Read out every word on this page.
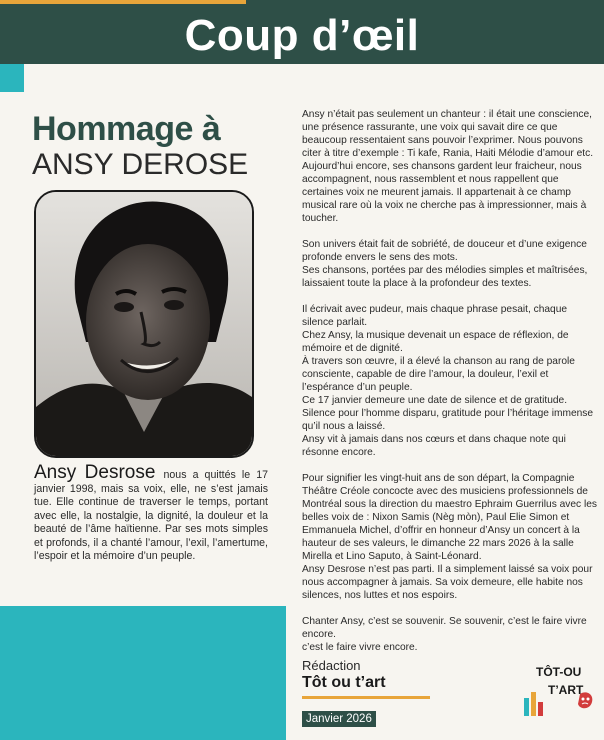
Coup d’œil
Hommage à
ANSY DEROSE
Ansy Desrose nous a quittés le 17 janvier 1998, mais sa voix, elle, ne s’est jamais tue. Elle continue de traverser le temps, portant avec elle, la nostalgie, la dignité, la douleur et la beauté de l’âme haïtienne. Par ses mots simples et profonds, il a chanté l’amour, l’exil, l’amertume, l’espoir et la mémoire d’un peuple.

Ansy n’était pas seulement un chanteur : il était une conscience, une présence rassurante, une voix qui savait dire ce que beaucoup ressentaient sans pouvoir l’exprimer. Nous pouvons citer à titre d’exemple : Ti kafe, Rania, Haiti Mélodie d’amour etc. Aujourd’hui encore, ses chansons gardent leur fraicheur, nous accompagnent, nous rassemblent et nous rappellent que certaines voix ne meurent jamais. Il appartenait à ce champ musical rare où la voix ne cherche pas à impressionner, mais à toucher.

Son univers était fait de sobriété, de douceur et d’une exigence profonde envers le sens des mots.
Ses chansons, portées par des mélodies simples et maîtrisées, laissaient toute la place à la profondeur des textes.

Il écrivait avec pudeur, mais chaque phrase pesait, chaque silence parlait.
Chez Ansy, la musique devenait un espace de réflexion, de mémoire et de dignité.
À travers son œuvre, il a élevé la chanson au rang de parole consciente, capable de dire l’amour, la douleur, l’exil et l’espérance d’un peuple.
Ce 17 janvier demeure une date de silence et de gratitude. Silence pour l’homme disparu, gratitude pour l’héritage immense qu’il nous a laissé.
Ansy vit à jamais dans nos cœurs et dans chaque note qui résonne encore.

Pour signifier les vingt-huit ans de son départ, la Compagnie Théâtre Créole concocte avec des musiciens professionnels de Montréal sous la direction du maestro Ephraim Guerrilus avec les belles voix de : Nixon Samis (Nèg mòn), Paul Elie Simon et Emmanuela Michel, d’offrir en honneur d’Ansy un concert à la hauteur de ses valeurs, le dimanche 22 mars 2026 à la salle Mirella et Lino Saputo, à Saint-Léonard.
Ansy Desrose n’est pas parti. Il a simplement laissé sa voix pour nous accompagner à jamais. Sa voix demeure, elle habite nos silences, nos luttes et nos espoirs.

Chanter Ansy, c’est se souvenir. Se souvenir, c’est le faire vivre encore.
c’est le faire vivre encore.

Rédaction
Tôt ou t’art
Janvier 2026
TÔT-OU
T’ART
